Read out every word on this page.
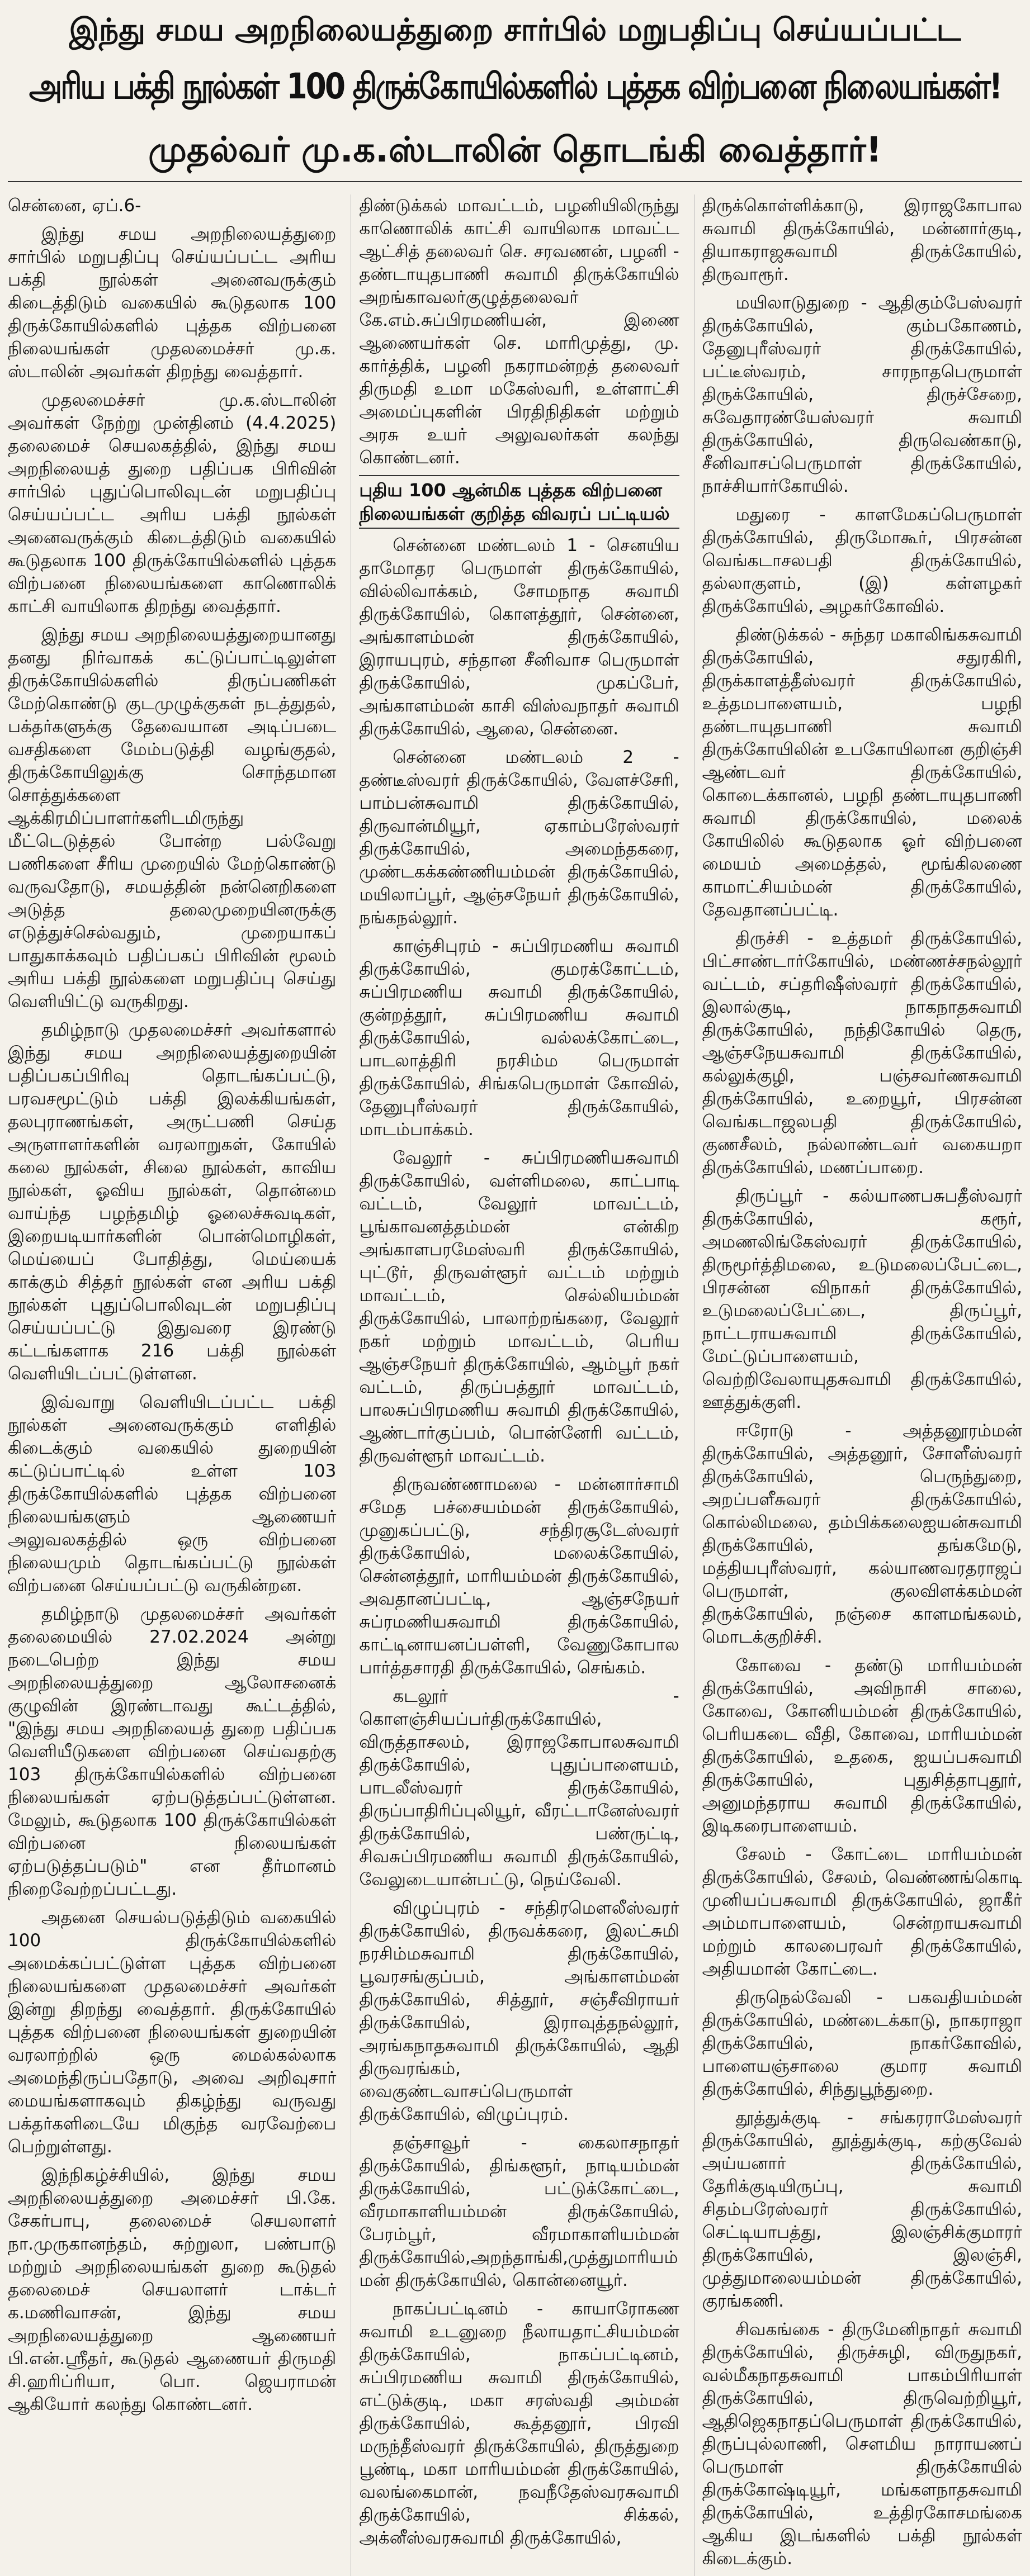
இந்து சமய அறநிலையத்துறை சார்பில் மறுபதிப்பு செய்யப்பட்ட
அரிய பக்தி நூல்கள் 100 திருக்கோயில்களில் புத்தக விற்பனை நிலையங்கள்!
முதல்வர் மு.க.ஸ்டாலின் தொடங்கி வைத்தார்!

சென்னை, ஏப்.6-

இந்து சமய அறநிலையத்துறை சார்பில் மறுபதிப்பு செய்யப்பட்ட அரிய பக்தி நூல்கள் அனைவருக்கும் கிடைத்திடும் வகையில் கூடுதலாக 100 திருக்கோயில்களில் புத்தக விற்பனை நிலையங்கள் முதலமைச்சர் மு.க. ஸ்டாலின் அவர்கள் திறந்து வைத்தார்.

முதலமைச்சர் மு.க.ஸ்டாலின் அவர்கள் நேற்று முன்தினம் (4.4.2025) தலைமைச் செயலகத்தில், இந்து சமய அறநிலையத் துறை பதிப்பக பிரிவின் சார்பில் புதுப்பொலிவுடன் மறுபதிப்பு செய்யப்பட்ட அரிய பக்தி நூல்கள் அனைவருக்கும் கிடைத்திடும் வகையில் கூடுதலாக 100 திருக்கோயில்களில் புத்தக விற்பனை நிலையங்களை காணொலிக் காட்சி வாயிலாக திறந்து வைத்தார்.

இந்து சமய அறநிலையத்துறையானது தனது நிர்வாகக் கட்டுப்பாட்டிலுள்ள திருக்கோயில்களில் திருப்பணிகள் மேற்கொண்டு குடமுழுக்குகள் நடத்துதல், பக்தர்களுக்கு தேவையான அடிப்படை வசதிகளை மேம்படுத்தி வழங்குதல், திருக்கோயிலுக்கு சொந்தமான சொத்துக்களை ஆக்கிரமிப்பாளர்களிடமிருந்து மீட்டெடுத்தல் போன்ற பல்வேறு பணிகளை சீரிய முறையில் மேற்கொண்டு வருவதோடு, சமயத்தின் நன்னெறிகளை அடுத்த தலைமுறையினருக்கு எடுத்துச்செல்வதும், முறையாகப் பாதுகாக்கவும் பதிப்பகப் பிரிவின் மூலம் அரிய பக்தி நூல்களை மறுபதிப்பு செய்து வெளியிட்டு வருகிறது.

தமிழ்நாடு முதலமைச்சர் அவர்களால் இந்து சமய அறநிலையத்துறையின் பதிப்பகப்பிரிவு தொடங்கப்பட்டு, பரவசமூட்டும் பக்தி இலக்கியங்கள், தலபுராணங்கள், அருட்பணி செய்த அருளாளர்களின் வரலாறுகள், கோயில் கலை நூல்கள், சிலை நூல்கள், காவிய நூல்கள், ஓவிய நூல்கள், தொன்மை வாய்ந்த பழந்தமிழ் ஓலைச்சுவடிகள், இறையடியார்களின் பொன்மொழிகள், மெய்யைப் போதித்து, மெய்யைக் காக்கும் சித்தர் நூல்கள் என அரிய பக்தி நூல்கள் புதுப்பொலிவுடன் மறுபதிப்பு செய்யப்பட்டு இதுவரை இரண்டு கட்டங்களாக 216 பக்தி நூல்கள் வெளியிடப்பட்டுள்ளன.

இவ்வாறு வெளியிடப்பட்ட பக்தி நூல்கள் அனைவருக்கும் எளிதில் கிடைக்கும் வகையில் துறையின் கட்டுப்பாட்டில் உள்ள 103 திருக்கோயில்களில் புத்தக விற்பனை நிலையங்களும் ஆணையர் அலுவலகத்தில் ஒரு விற்பனை நிலையமும் தொடங்கப்பட்டு நூல்கள் விற்பனை செய்யப்பட்டு வருகின்றன.

தமிழ்நாடு முதலமைச்சர் அவர்கள் தலைமையில் 27.02.2024 அன்று நடைபெற்ற இந்து சமய அறநிலையத்துறை ஆலோசனைக் குழுவின் இரண்டாவது கூட்டத்தில், "இந்து சமய அறநிலையத் துறை பதிப்பக வெளியீடுகளை விற்பனை செய்வதற்கு 103 திருக்கோயில்களில் விற்பனை நிலையங்கள் ஏற்படுத்தப்பட்டுள்ளன. மேலும், கூடுதலாக 100 திருக்கோயில்கள் விற்பனை நிலையங்கள் ஏற்படுத்தப்படும்" என தீர்மானம் நிறைவேற்றப்பட்டது.

அதனை செயல்படுத்திடும் வகையில் 100 திருக்கோயில்களில் அமைக்கப்பட்டுள்ள புத்தக விற்பனை நிலையங்களை முதலமைச்சர் அவர்கள் இன்று திறந்து வைத்தார். திருக்கோயில் புத்தக விற்பனை நிலையங்கள் துறையின் வரலாற்றில் ஒரு மைல்கல்லாக அமைந்திருப்பதோடு, அவை அறிவுசார் மையங்களாகவும் திகழ்ந்து வருவது பக்தர்களிடையே மிகுந்த வரவேற்பை பெற்றுள்ளது.

இந்நிகழ்ச்சியில், இந்து சமய அறநிலையத்துறை அமைச்சர் பி.கே. சேகர்பாபு, தலைமைச் செயலாளர் நா.முருகானந்தம், சுற்றுலா, பண்பாடு மற்றும் அறநிலையங்கள் துறை கூடுதல் தலைமைச் செயலாளர் டாக்டர் க.மணிவாசன், இந்து சமய அறநிலையத்துறை ஆணையர் பி.என்.ஸ்ரீதர், கூடுதல் ஆணையர் திருமதி சி.ஹரிப்ரியா, பொ. ஜெயராமன் ஆகியோர் கலந்து கொண்டனர்.

திண்டுக்கல் மாவட்டம், பழனியிலிருந்து காணொலிக் காட்சி வாயிலாக மாவட்ட ஆட்சித் தலைவர் செ. சரவணன், பழனி - தண்டாயுதபாணி சுவாமி திருக்கோயில் அறங்காவலர்குழுத்தலைவர் கே.எம்.சுப்பிரமணியன், இணை ஆணையர்கள் செ. மாரிமுத்து, மு. கார்த்திக், பழனி நகராமன்றத் தலைவர் திருமதி உமா மகேஸ்வரி, உள்ளாட்சி அமைப்புகளின் பிரதிநிதிகள் மற்றும் அரசு உயர் அலுவலர்கள் கலந்து கொண்டனர்.

புதிய 100 ஆன்மிக புத்தக விற்பனை நிலையங்கள் குறித்த விவரப் பட்டியல்

சென்னை மண்டலம் 1 - செனயிய தாமோதர பெருமாள் திருக்கோயில், வில்லிவாக்கம், சோமநாத சுவாமி திருக்கோயில், கொளத்தூர், சென்னை, அங்காளம்மன் திருக்கோயில், இராயபுரம், சந்தான சீனிவாச பெருமாள் திருக்கோயில், முகப்பேர், அங்காளம்மன் காசி விஸ்வநாதர் சுவாமி திருக்கோயில், ஆலை, சென்னை.

சென்னை மண்டலம் 2 - தண்டீஸ்வரர் திருக்கோயில், வேளச்சேரி, பாம்பன்சுவாமி திருக்கோயில், திருவான்மியூர், ஏகாம்பரேஸ்வரர் திருக்கோயில், அமைந்தகரை, முண்டகக்கண்ணியம்மன் திருக்கோயில், மயிலாப்பூர், ஆஞ்சநேயர் திருக்கோயில், நங்கநல்லூர்.

காஞ்சிபுரம் - சுப்பிரமணிய சுவாமி திருக்கோயில், குமரக்கோட்டம், சுப்பிரமணிய சுவாமி திருக்கோயில், குன்றத்தூர், சுப்பிரமணிய சுவாமி திருக்கோயில், வல்லக்கோட்டை, பாடலாத்திரி நரசிம்ம பெருமாள் திருக்கோயில், சிங்கபெருமாள் கோவில், தேனுபுரீஸ்வரர் திருக்கோயில், மாடம்பாக்கம்.

வேலூர் - சுப்பிரமணியசுவாமி திருக்கோயில், வள்ளிமலை, காட்பாடி வட்டம், வேலூர் மாவட்டம், பூங்காவனத்தம்மன் என்கிற அங்காளபரமேஸ்வரி திருக்கோயில், புட்டூர், திருவள்ளூர் வட்டம் மற்றும் மாவட்டம், செல்லியம்மன் திருக்கோயில், பாலாற்றங்கரை, வேலூர் நகர் மற்றும் மாவட்டம், பெரிய ஆஞ்சநேயர் திருக்கோயில், ஆம்பூர் நகர் வட்டம், திருப்பத்தூர் மாவட்டம், பாலசுப்பிரமணிய சுவாமி திருக்கோயில், ஆண்டார்குப்பம், பொன்னேரி வட்டம், திருவள்ளூர் மாவட்டம்.

திருவண்ணாமலை - மன்னார்சாமி சமேத பச்சையம்மன் திருக்கோயில், முனுகப்பட்டு, சந்திரசூடேஸ்வரர் திருக்கோயில், மலைக்கோயில், சென்னத்தூர், மாரியம்மன் திருக்கோயில், அவதானப்பட்டி, ஆஞ்சநேயர் சுப்ரமணியசுவாமி திருக்கோயில், காட்டினாயனப்பள்ளி, வேணுகோபால பார்த்தசாரதி திருக்கோயில், செங்கம்.

கடலூர் - கொளஞ்சியப்பர்திருக்கோயில், விருத்தாசலம், இராஜகோபாலசுவாமி திருக்கோயில், புதுப்பாளையம், பாடலீஸ்வரர் திருக்கோயில், திருப்பாதிரிப்புலியூர், வீரட்டானேஸ்வரர் திருக்கோயில், பண்ருட்டி, சிவசுப்பிரமணிய சுவாமி திருக்கோயில், வேலுடையான்பட்டு, நெய்வேலி.

விழுப்புரம் - சந்திரமௌலீஸ்வரர் திருக்கோயில், திருவக்கரை, இலட்சுமி நரசிம்மசுவாமி திருக்கோயில், பூவரசங்குப்பம், அங்காளம்மன் திருக்கோயில், சித்தூர், சஞ்சீவிராயர் திருக்கோயில், இராவுத்தநல்லூர், அரங்கநாதசுவாமி திருக்கோயில், ஆதி திருவரங்கம், வைகுண்டவாசப்பெருமாள் திருக்கோயில், விழுப்புரம்.

தஞ்சாவூர் - கைலாசநாதர் திருக்கோயில், திங்களூர், நாடியம்மன் திருக்கோயில், பட்டுக்கோட்டை, வீரமாகாளியம்மன் திருக்கோயில், பேரம்பூர், வீரமாகாளியம்மன் திருக்கோயில்,அறந்தாங்கி,முத்துமாரியம்மன் திருக்கோயில், கொன்னையூர்.

நாகப்பட்டினம் - காயாரோகண சுவாமி உடனுறை நீலாயதாட்சியம்மன் திருக்கோயில், நாகப்பட்டினம், சுப்பிரமணிய சுவாமி திருக்கோயில், எட்டுக்குடி, மகா சரஸ்வதி அம்மன் திருக்கோயில், கூத்தனூர், பிரவி மருந்தீஸ்வரர் திருக்கோயில், திருத்துறை பூண்டி, மகா மாரியம்மன் திருக்கோயில், வலங்கைமான், நவநீதேஸ்வரசுவாமி திருக்கோயில், சிக்கல், அக்னீஸ்வரசுவாமி திருக்கோயில்,

திருக்கொள்ளிக்காடு, இராஜகோபால சுவாமி திருக்கோயில், மன்னார்குடி, தியாகராஜசுவாமி திருக்கோயில், திருவாரூர்.

மயிலாடுதுறை - ஆதிகும்பேஸ்வரர் திருக்கோயில், கும்பகோணம், தேனுபுரீஸ்வரர் திருக்கோயில், பட்டீஸ்வரம், சாரநாதபெருமாள் திருக்கோயில், திருச்சேறை, சுவேதாரண்யேஸ்வரர் சுவாமி திருக்கோயில், திருவெண்காடு, சீனிவாசப்பெருமாள் திருக்கோயில், நாச்சியார்கோயில்.

மதுரை - காளமேகப்பெருமாள் திருக்கோயில், திருமோகூர், பிரசன்ன வெங்கடாசலபதி திருக்கோயில், தல்லாகுளம், (இ) கள்ளழகர் திருக்கோயில், அழகர்கோவில்.

திண்டுக்கல் - சுந்தர மகாலிங்கசுவாமி திருக்கோயில், சதுரகிரி, திருக்காளத்தீஸ்வரர் திருக்கோயில், உத்தமபாளையம், பழநி தண்டாயுதபாணி சுவாமி திருக்கோயிலின் உபகோயிலான குறிஞ்சி ஆண்டவர் திருக்கோயில், கொடைக்கானல், பழநி தண்டாயுதபாணி சுவாமி திருக்கோயில், மலைக் கோயிலில் கூடுதலாக ஓர் விற்பனை மையம் அமைத்தல், மூங்கிலணை காமாட்சியம்மன் திருக்கோயில், தேவதானப்பட்டி.

திருச்சி - உத்தமர் திருக்கோயில், பிட்சாண்டார்கோயில், மண்ணச்சநல்லூர் வட்டம், சப்தரிஷீஸ்வரர் திருக்கோயில், இலால்குடி, நாகநாதசுவாமி திருக்கோயில், நந்திகோயில் தெரு, ஆஞ்சநேயசுவாமி திருக்கோயில், கல்லுக்குழி, பஞ்சவர்ணசுவாமி திருக்கோயில், உறையூர், பிரசன்ன வெங்கடாஜலபதி திருக்கோயில், குணசீலம், நல்லாண்டவர் வகையறா திருக்கோயில், மணப்பாறை.

திருப்பூர் - கல்யாணபசுபதீஸ்வரர் திருக்கோயில், கரூர், அமணலிங்கேஸ்வரர் திருக்கோயில், திருமூர்த்திமலை, உடுமலைப்பேட்டை, பிரசன்ன விநாகர் திருக்கோயில், உடுமலைப்பேட்டை, திருப்பூர், நாட்டராயசுவாமி திருக்கோயில், மேட்டுப்பாளையம், வெற்றிவேலாயுதசுவாமி திருக்கோயில், ஊத்துக்குளி.

ஈரோடு - அத்தனூரம்மன் திருக்கோயில், அத்தனூர், சோளீஸ்வரர் திருக்கோயில், பெருந்துறை, அறப்பளீசுவரர் திருக்கோயில், கொல்லிமலை, தம்பிக்கலைஐயன்சுவாமி திருக்கோயில், தங்கமேடு, மத்தியபுரீஸ்வரர், கல்யாணவரதராஜப் பெருமாள், குலவிளக்கம்மன் திருக்கோயில், நஞ்சை காளமங்கலம், மொடக்குறிச்சி.

கோவை - தண்டு மாரியம்மன் திருக்கோயில், அவிநாசி சாலை, கோவை, கோனியம்மன் திருக்கோயில், பெரியகடை வீதி, கோவை, மாரியம்மன் திருக்கோயில், உதகை, ஐயப்பசுவாமி திருக்கோயில், புதுசித்தாபுதூர், அனுமந்தராய சுவாமி திருக்கோயில், இடிகரைபாளையம்.

சேலம் - கோட்டை மாரியம்மன் திருக்கோயில், சேலம், வெண்ணங்கொடி முனியப்பசுவாமி திருக்கோயில், ஜாகீர் அம்மாபாளையம், சென்றாயசுவாமி மற்றும் காலபைரவர் திருக்கோயில், அதியமான் கோட்டை.

திருநெல்வேலி - பகவதியம்மன் திருக்கோயில், மண்டைக்காடு, நாகராஜா திருக்கோயில், நாகர்கோவில், பாளையஞ்சாலை குமார சுவாமி திருக்கோயில், சிந்துபூந்துறை.

தூத்துக்குடி - சங்கரராமேஸ்வரர் திருக்கோயில், தூத்துக்குடி, கற்குவேல் அய்யனார் திருக்கோயில், தேரிக்குடியிருப்பு, சுவாமி சிதம்பரேஸ்வரர் திருக்கோயில், செட்டியாபத்து, இலஞ்சிக்குமாரர் திருக்கோயில், இலஞ்சி, முத்துமாலையம்மன் திருக்கோயில், குரங்கணி.

சிவகங்கை - திருமேனிநாதர் சுவாமி திருக்கோயில், திருச்சுழி, விருதுநகர், வல்மீகநாதசுவாமி பாகம்பிரியாள் திருக்கோயில், திருவெற்றியூர், ஆதிஜெகநாதப்பெருமாள் திருக்கோயில், திருப்புல்லாணி, செளமிய நாராயணப் பெருமாள் திருக்கோயில் திருக்கோஷ்டியூர், மங்களநாதசுவாமி திருக்கோயில், உத்திரகோசமங்கை ஆகிய இடங்களில் பக்தி நூல்கள் கிடைக்கும்.
